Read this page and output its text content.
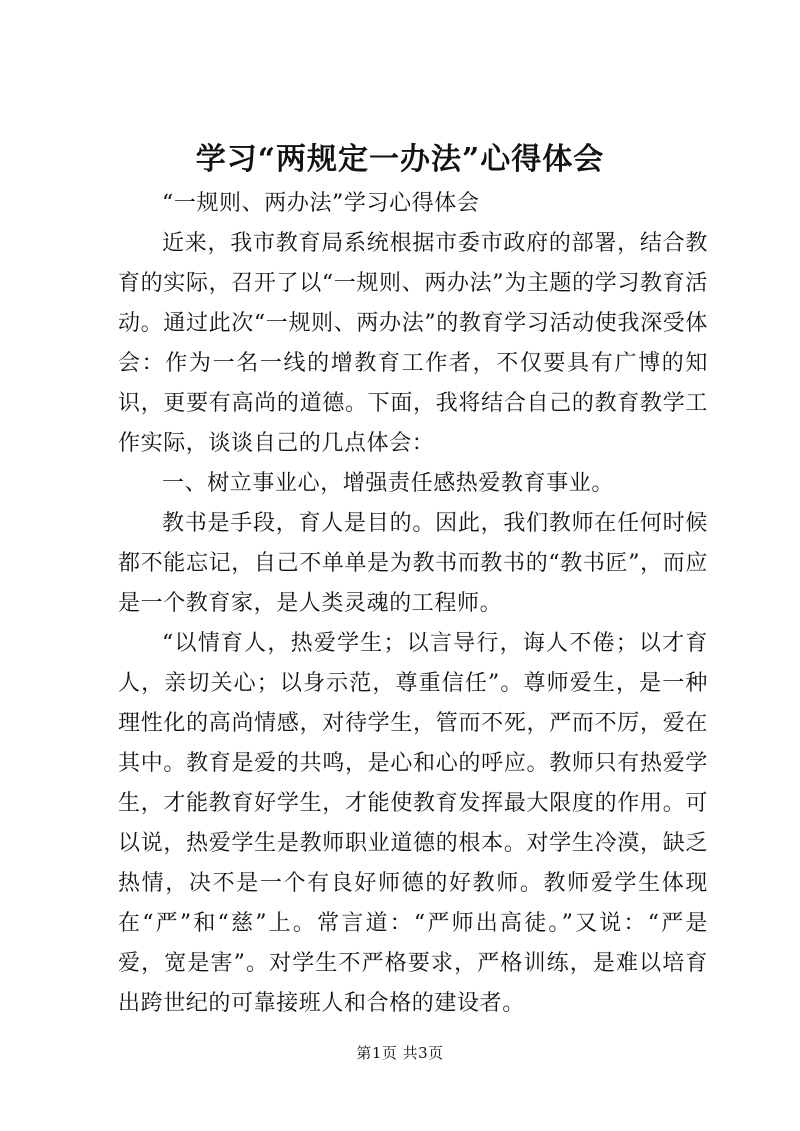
学习“两规定一办法”心得体会

“一规则、两办法”学习心得体会

近来，我市教育局系统根据市委市政府的部署，结合教育的实际，召开了以“一规则、两办法”为主题的学习教育活动。通过此次“一规则、两办法”的教育学习活动使我深受体会：作为一名一线的增教育工作者，不仅要具有广博的知识，更要有高尚的道德。下面，我将结合自己的教育教学工作实际，谈谈自己的几点体会：

一、树立事业心，增强责任感热爱教育事业。

教书是手段，育人是目的。因此，我们教师在任何时候都不能忘记，自己不单单是为教书而教书的“教书匠”，而应是一个教育家，是人类灵魂的工程师。

“以情育人，热爱学生；以言导行，诲人不倦；以才育人，亲切关心；以身示范，尊重信任”。尊师爱生，是一种理性化的高尚情感，对待学生，管而不死，严而不厉，爱在其中。教育是爱的共鸣，是心和心的呼应。教师只有热爱学生，才能教育好学生，才能使教育发挥最大限度的作用。可以说，热爱学生是教师职业道德的根本。对学生冷漠，缺乏热情，决不是一个有良好师德的好教师。教师爱学生体现在“严”和“慈”上。常言道：“严师出高徒。”又说：“严是爱，宽是害”。对学生不严格要求，严格训练，是难以培育出跨世纪的可靠接班人和合格的建设者。

第1页 共3页
